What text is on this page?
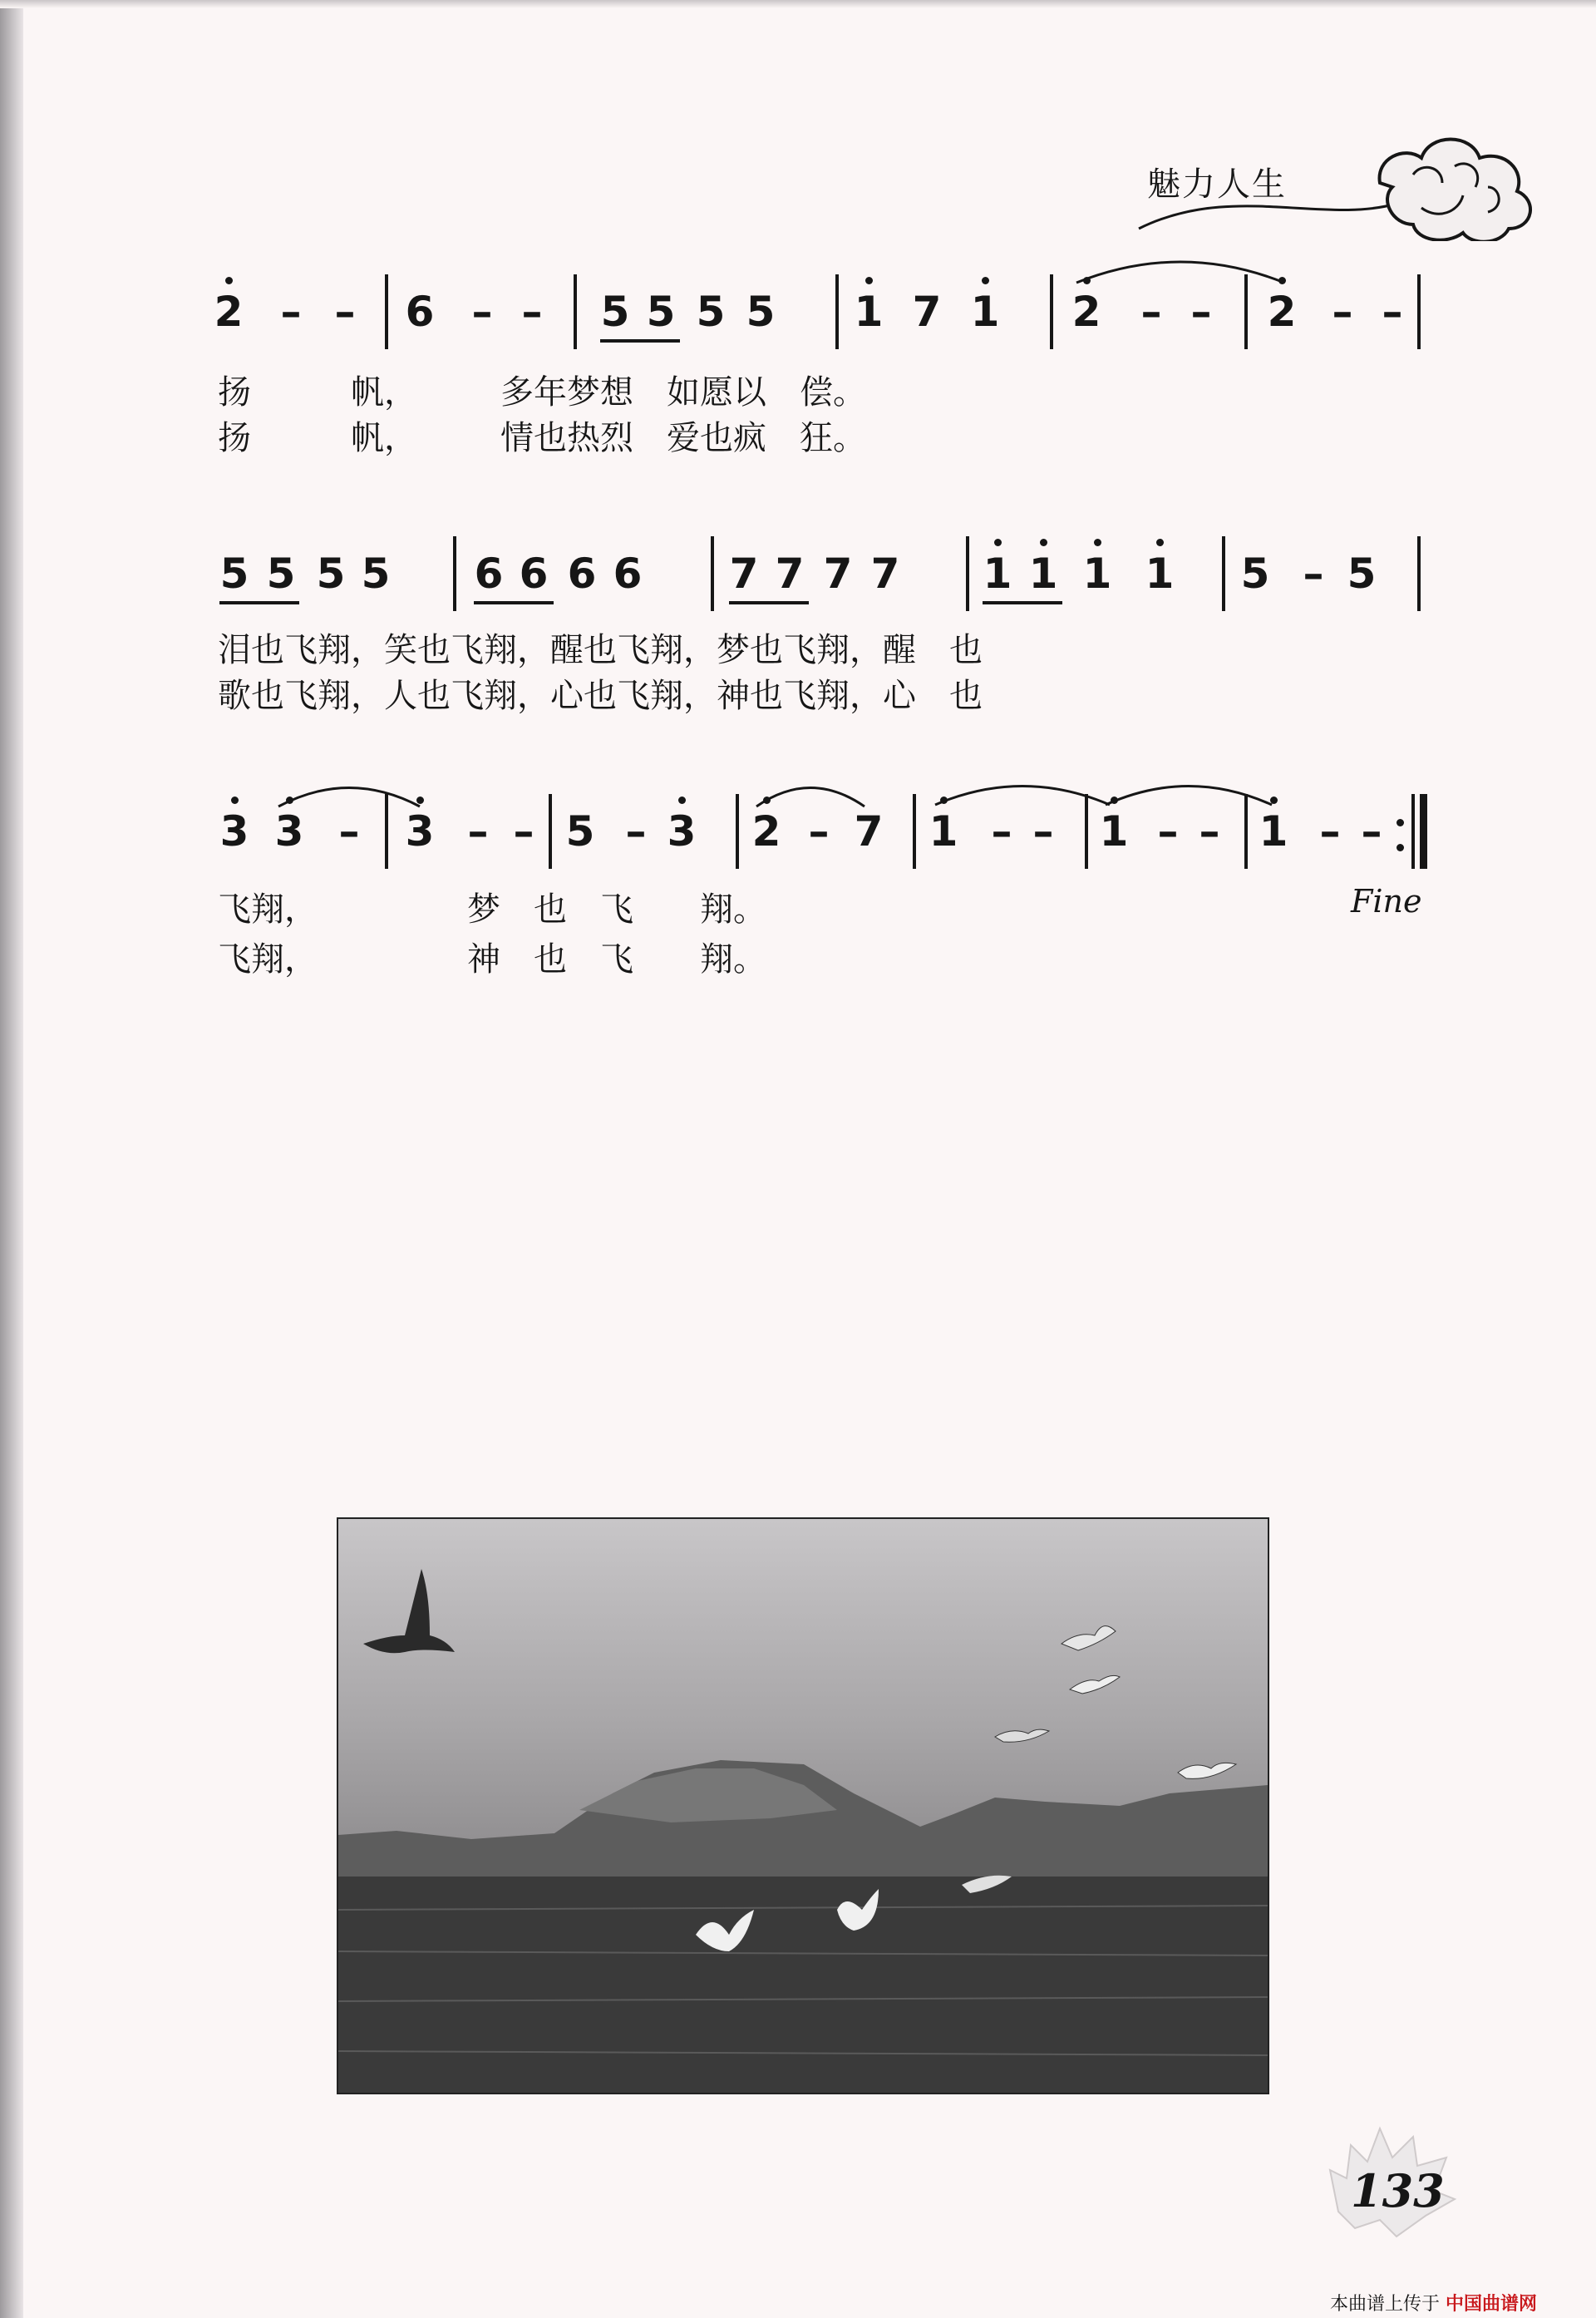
魅力人生
2 – – 6 – – 5 5 5 5 1 7 1 2 – – 2 – –
扬　　　帆，　　　多年梦想　如愿以　偿。
扬　　　帆，　　　情也热烈　爱也疯　狂。
5 5 5 5 6 6 6 6 7 7 7 7 1 1 1 1 5 – 5
泪也飞翔，笑也飞翔，醒也飞翔，梦也飞翔，醒　也
歌也飞翔，人也飞翔，心也飞翔，神也飞翔，心　也
3 3 – 3 – – 5 – 3 2 – 7 1 – – 1 – – 1 – –
飞翔，　　　　　梦　也　飞　　翔。
飞翔，　　　　　神　也　飞　　翔。
Fine
133
本曲谱上传于 中国曲谱网
